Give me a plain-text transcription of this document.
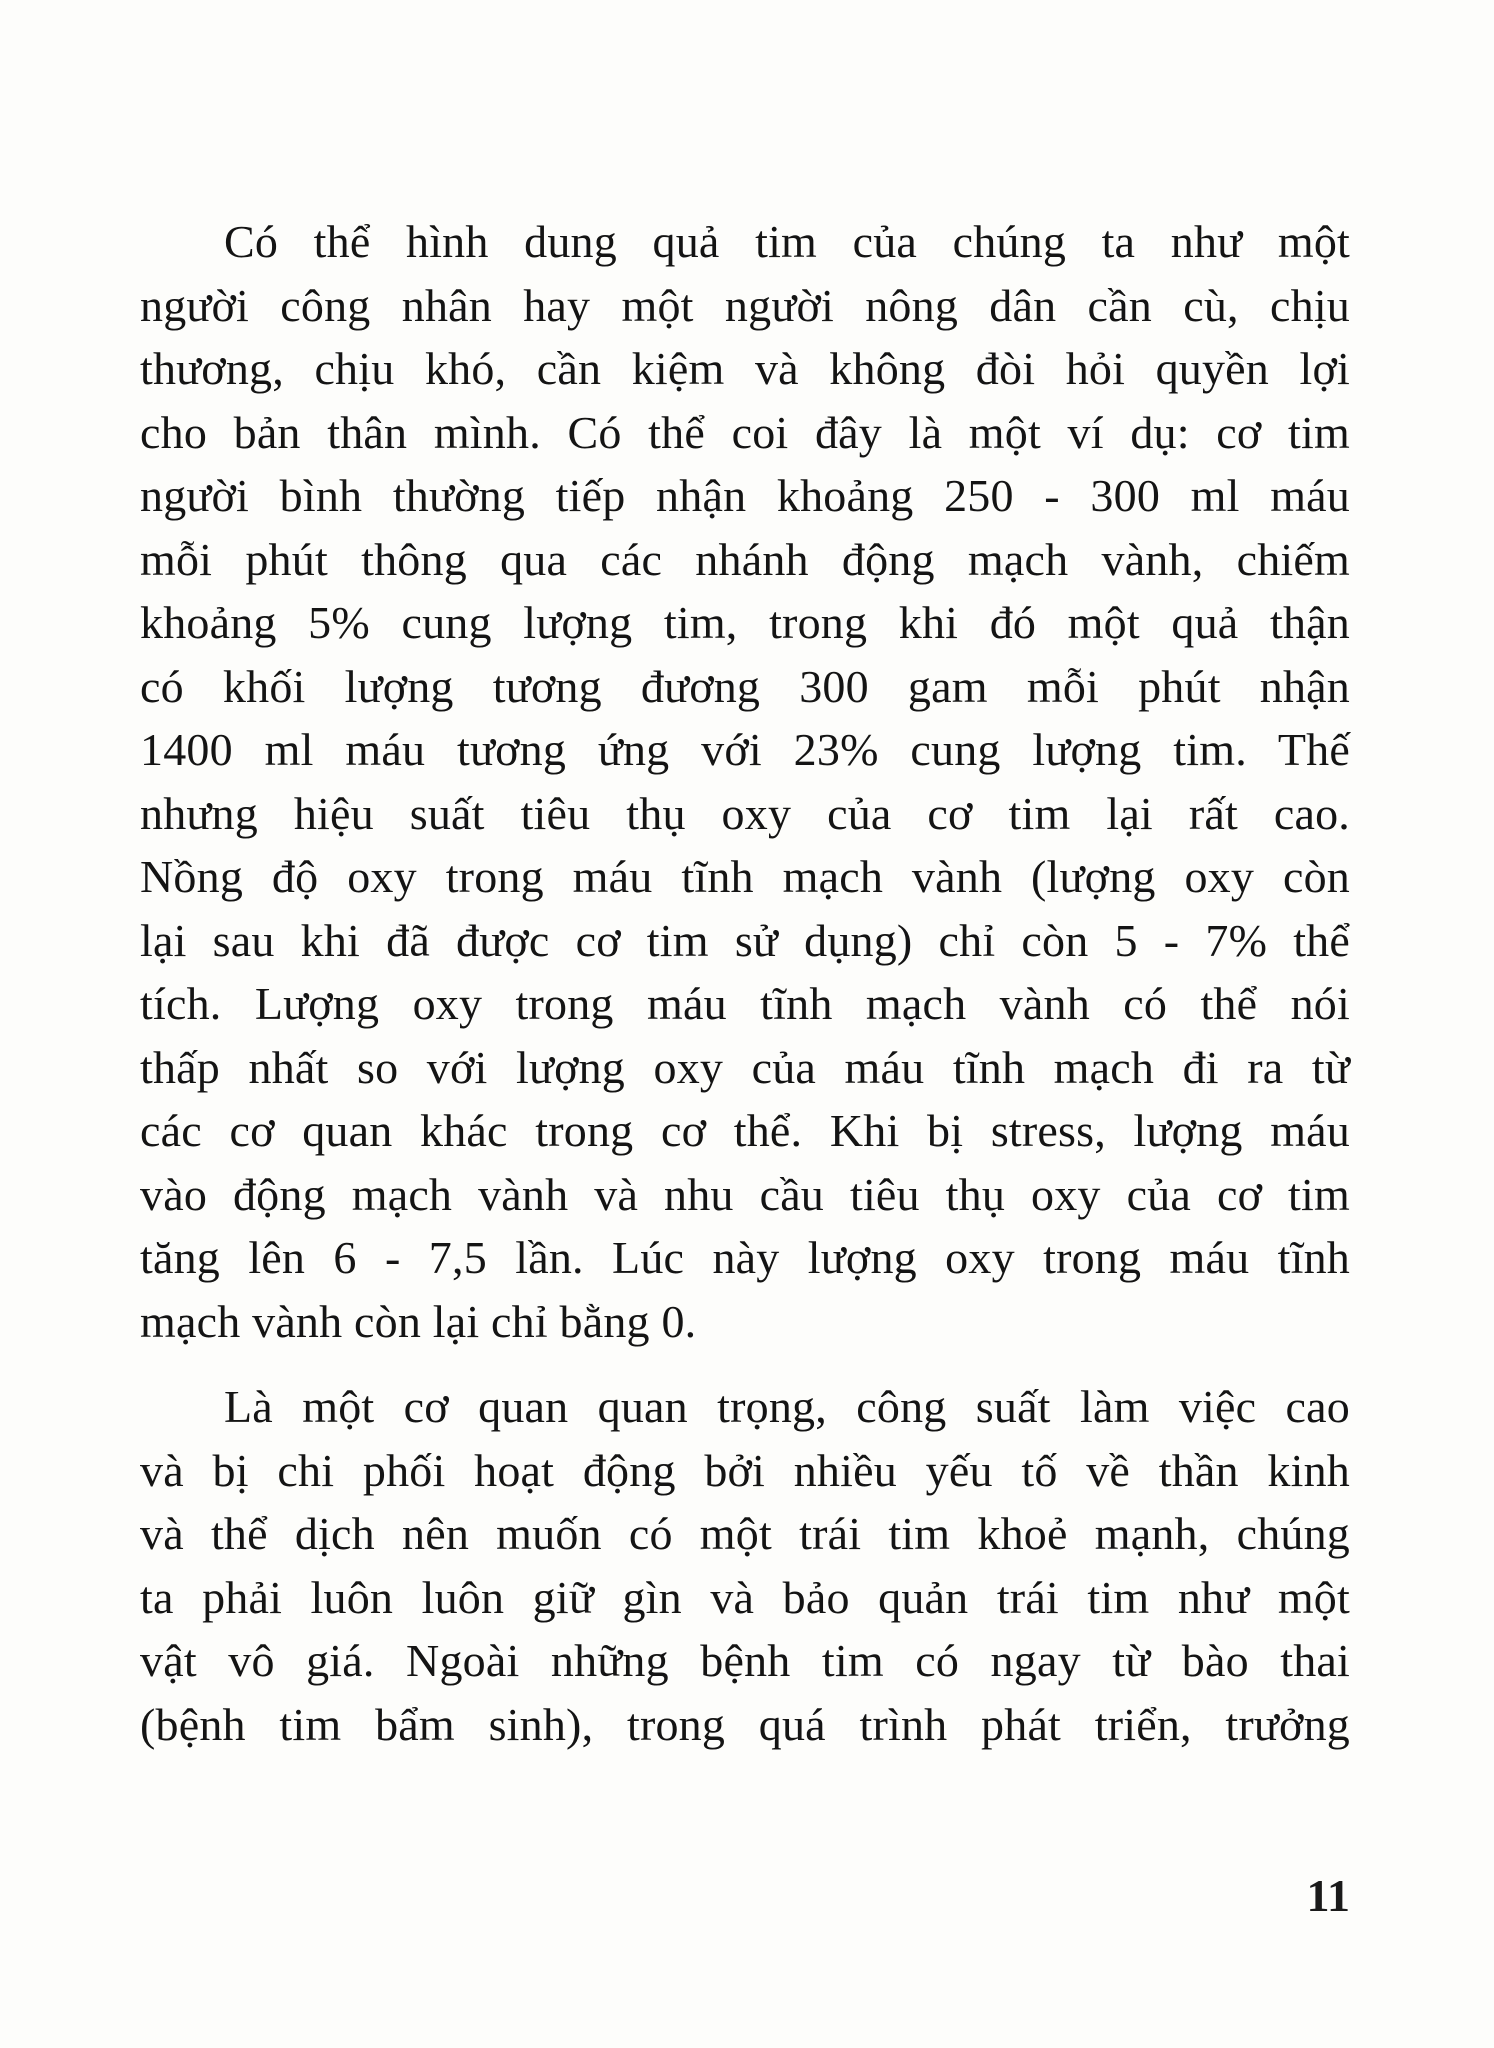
Có thể hình dung quả tim của chúng ta như một
người công nhân hay một người nông dân cần cù, chịu
thương, chịu khó, cần kiệm và không đòi hỏi quyền lợi
cho bản thân mình. Có thể coi đây là một ví dụ: cơ tim
người bình thường tiếp nhận khoảng 250 - 300 ml máu
mỗi phút thông qua các nhánh động mạch vành, chiếm
khoảng 5% cung lượng tim, trong khi đó một quả thận
có khối lượng tương đương 300 gam mỗi phút nhận
1400 ml máu tương ứng với 23% cung lượng tim. Thế
nhưng hiệu suất tiêu thụ oxy của cơ tim lại rất cao.
Nồng độ oxy trong máu tĩnh mạch vành (lượng oxy còn
lại sau khi đã được cơ tim sử dụng) chỉ còn 5 - 7% thể
tích. Lượng oxy trong máu tĩnh mạch vành có thể nói
thấp nhất so với lượng oxy của máu tĩnh mạch đi ra từ
các cơ quan khác trong cơ thể. Khi bị stress, lượng máu
vào động mạch vành và nhu cầu tiêu thụ oxy của cơ tim
tăng lên 6 - 7,5 lần. Lúc này lượng oxy trong máu tĩnh
mạch vành còn lại chỉ bằng 0.
Là một cơ quan quan trọng, công suất làm việc cao
và bị chi phối hoạt động bởi nhiều yếu tố về thần kinh
và thể dịch nên muốn có một trái tim khoẻ mạnh, chúng
ta phải luôn luôn giữ gìn và bảo quản trái tim như một
vật vô giá. Ngoài những bệnh tim có ngay từ bào thai
(bệnh tim bẩm sinh), trong quá trình phát triển, trưởng
11
